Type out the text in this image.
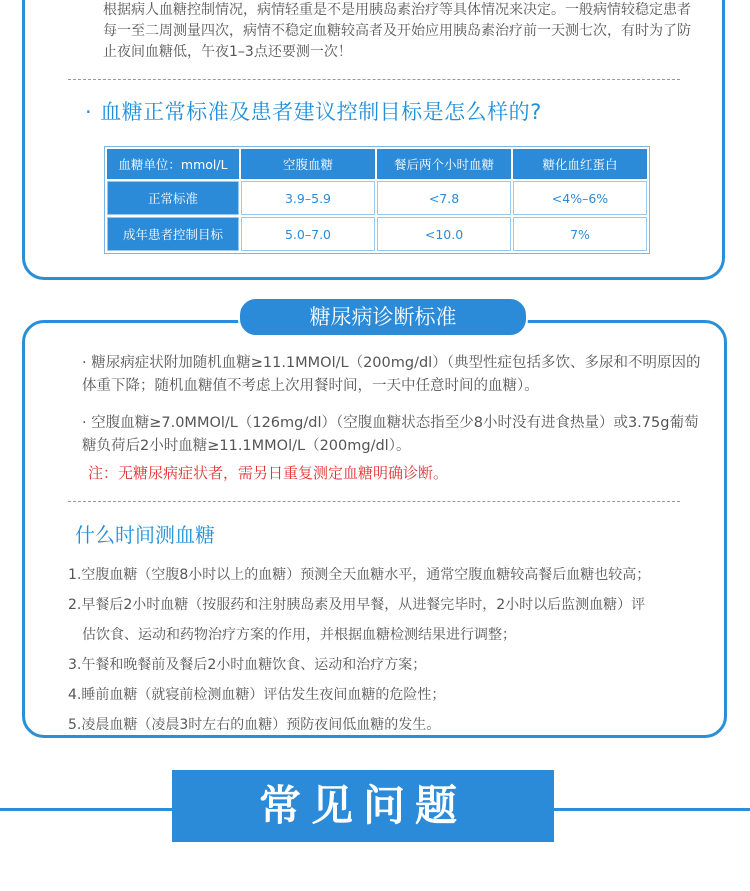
根据病人血糖控制情况，病情轻重是不是用胰岛素治疗等具体情况来决定。一般病情较稳定患者每一至二周测量四次，病情不稳定血糖较高者及开始应用胰岛素治疗前一天测七次，有时为了防止夜间血糖低，午夜1–3点还要测一次！

· 血糖正常标准及患者建议控制目标是怎么样的?
血糖单位：mmol/L	空腹血糖	餐后两个小时血糖	糖化血红蛋白
正常标准	3.9–5.9	<7.8	<4%–6%
成年患者控制目标	5.0–7.0	<10.0	7%
糖尿病诊断标准

· 糖尿病症状附加随机血糖≥11.1MMOl/L（200mg/dl）（典型性症包括多饮、多尿和不明原因的体重下降；随机血糖值不考虑上次用餐时间，一天中任意时间的血糖）。

· 空腹血糖≥7.0MMOl/L（126mg/dl）（空腹血糖状态指至少8小时没有进食热量）或3.75g葡萄糖负荷后2小时血糖≥11.1MMOl/L（200mg/dl）。

注：无糖尿病症状者，需另日重复测定血糖明确诊断。
什么时间测血糖
1.空腹血糖（空腹8小时以上的血糖）预测全天血糖水平，通常空腹血糖较高餐后血糖也较高；
2.早餐后2小时血糖（按服药和注射胰岛素及用早餐，从进餐完毕时，2小时以后监测血糖）评
估饮食、运动和药物治疗方案的作用，并根据血糖检测结果进行调整；
3.午餐和晚餐前及餐后2小时血糖饮食、运动和治疗方案；
4.睡前血糖（就寝前检测血糖）评估发生夜间血糖的危险性；
5.凌晨血糖（凌晨3时左右的血糖）预防夜间低血糖的发生。
常见问题
